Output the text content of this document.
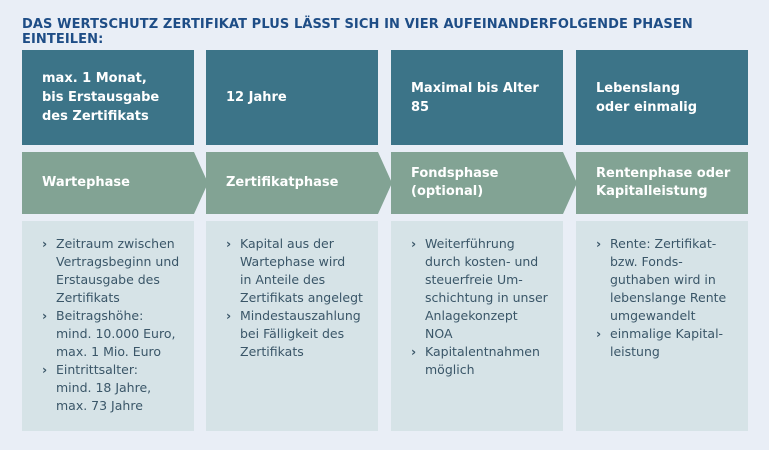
DAS WERTSCHUTZ ZERTIFIKAT PLUS LÄSST SICH IN VIER AUFEINANDERFOLGENDE PHASEN EINTEILEN:
max. 1 Monat,
bis Erstausgabe
des Zertifikats
Wartephase
› Zeitraum zwischen
Vertragsbeginn und
Erstausgabe des
Zertifikats
› Beitragshöhe:
mind. 10.000 Euro,
max. 1 Mio. Euro
› Eintrittsalter:
mind. 18 Jahre,
max. 73 Jahre
12 Jahre
Zertifikatphase
› Kapital aus der
Wartephase wird
in Anteile des
Zertifikats angelegt
› Mindestauszahlung
bei Fälligkeit des
Zertifikats
Maximal bis Alter 85
Fondsphase
(optional)
› Weiterführung
durch kosten- und
steuerfreie Um-
schichtung in unser
Anlagekonzept
NOA
› Kapitalentnahmen
möglich
Lebenslang
oder einmalig
Rentenphase oder
Kapitalleistung
› Rente: Zertifikat-
bzw. Fonds-
guthaben wird in
lebenslange Rente
umgewandelt
› einmalige Kapital-
leistung
